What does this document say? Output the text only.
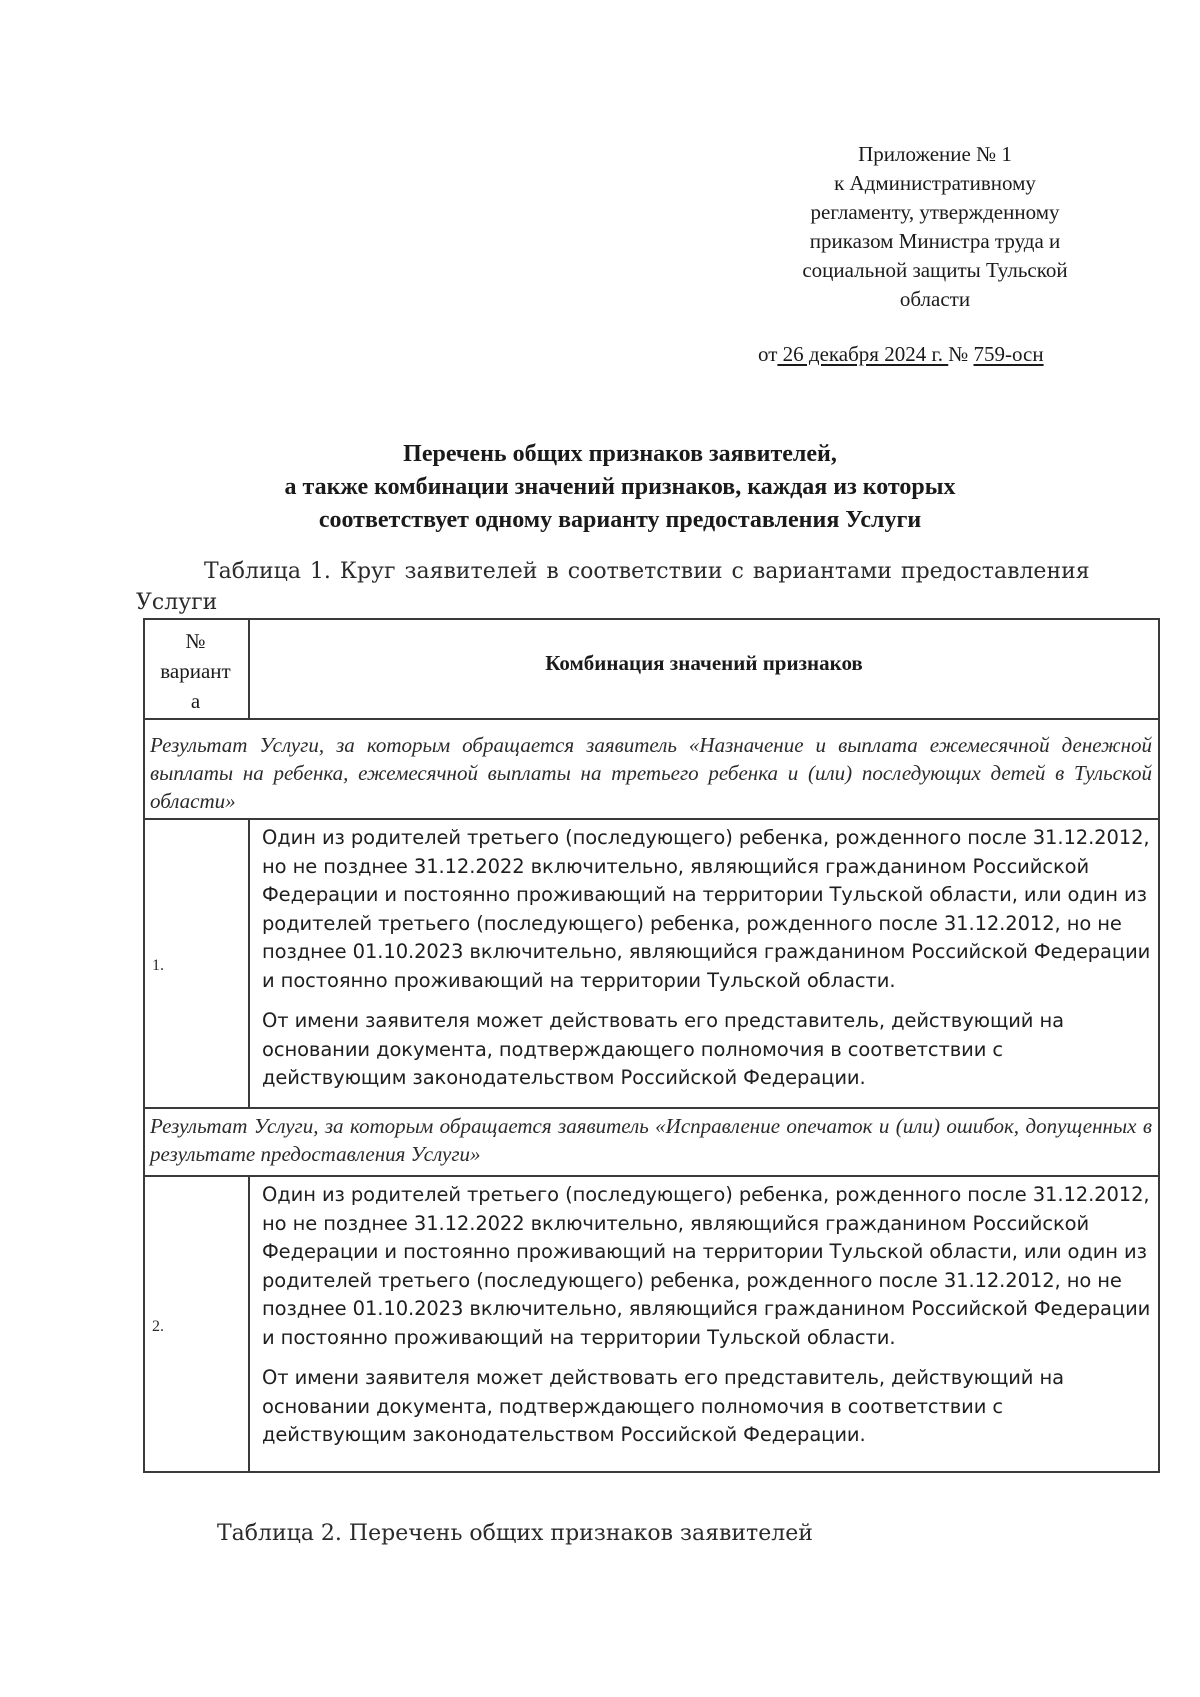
Приложение № 1
к Административному
регламенту, утвержденному
приказом Министра труда и
социальной защиты Тульской
области
от 26 декабря 2024 г. № 759-осн
Перечень общих признаков заявителей,
а также комбинации значений признаков, каждая из которых
соответствует одному варианту предоставления Услуги
Таблица 1. Круг заявителей в соответствии с вариантами предоставления Услуги
№
вариант
а
Комбинация значений признаков
Результат Услуги, за которым обращается заявитель «Назначение и выплата ежемесячной денежной выплаты на ребенка, ежемесячной выплаты на третьего ребенка и (или) последующих детей в Тульской области»
1.

Один из родителей третьего (последующего) ребенка, рожденного после 31.12.2012, но не позднее 31.12.2022 включительно, являющийся гражданином Российской Федерации и постоянно проживающий на территории Тульской области, или один из родителей третьего (последующего) ребенка, рожденного после 31.12.2012, но не позднее 01.10.2023 включительно, являющийся гражданином Российской Федерации и постоянно проживающий на территории Тульской области.

От имени заявителя может действовать его представитель, действующий на основании документа, подтверждающего полномочия в соответствии с действующим законодательством Российской Федерации.

Результат Услуги, за которым обращается заявитель «Исправление опечаток и (или) ошибок, допущенных в результате предоставления Услуги»
2.

Один из родителей третьего (последующего) ребенка, рожденного после 31.12.2012, но не позднее 31.12.2022 включительно, являющийся гражданином Российской Федерации и постоянно проживающий на территории Тульской области, или один из родителей третьего (последующего) ребенка, рожденного после 31.12.2012, но не позднее 01.10.2023 включительно, являющийся гражданином Российской Федерации и постоянно проживающий на территории Тульской области.

От имени заявителя может действовать его представитель, действующий на основании документа, подтверждающего полномочия в соответствии с действующим законодательством Российской Федерации.

Таблица 2. Перечень общих признаков заявителей
